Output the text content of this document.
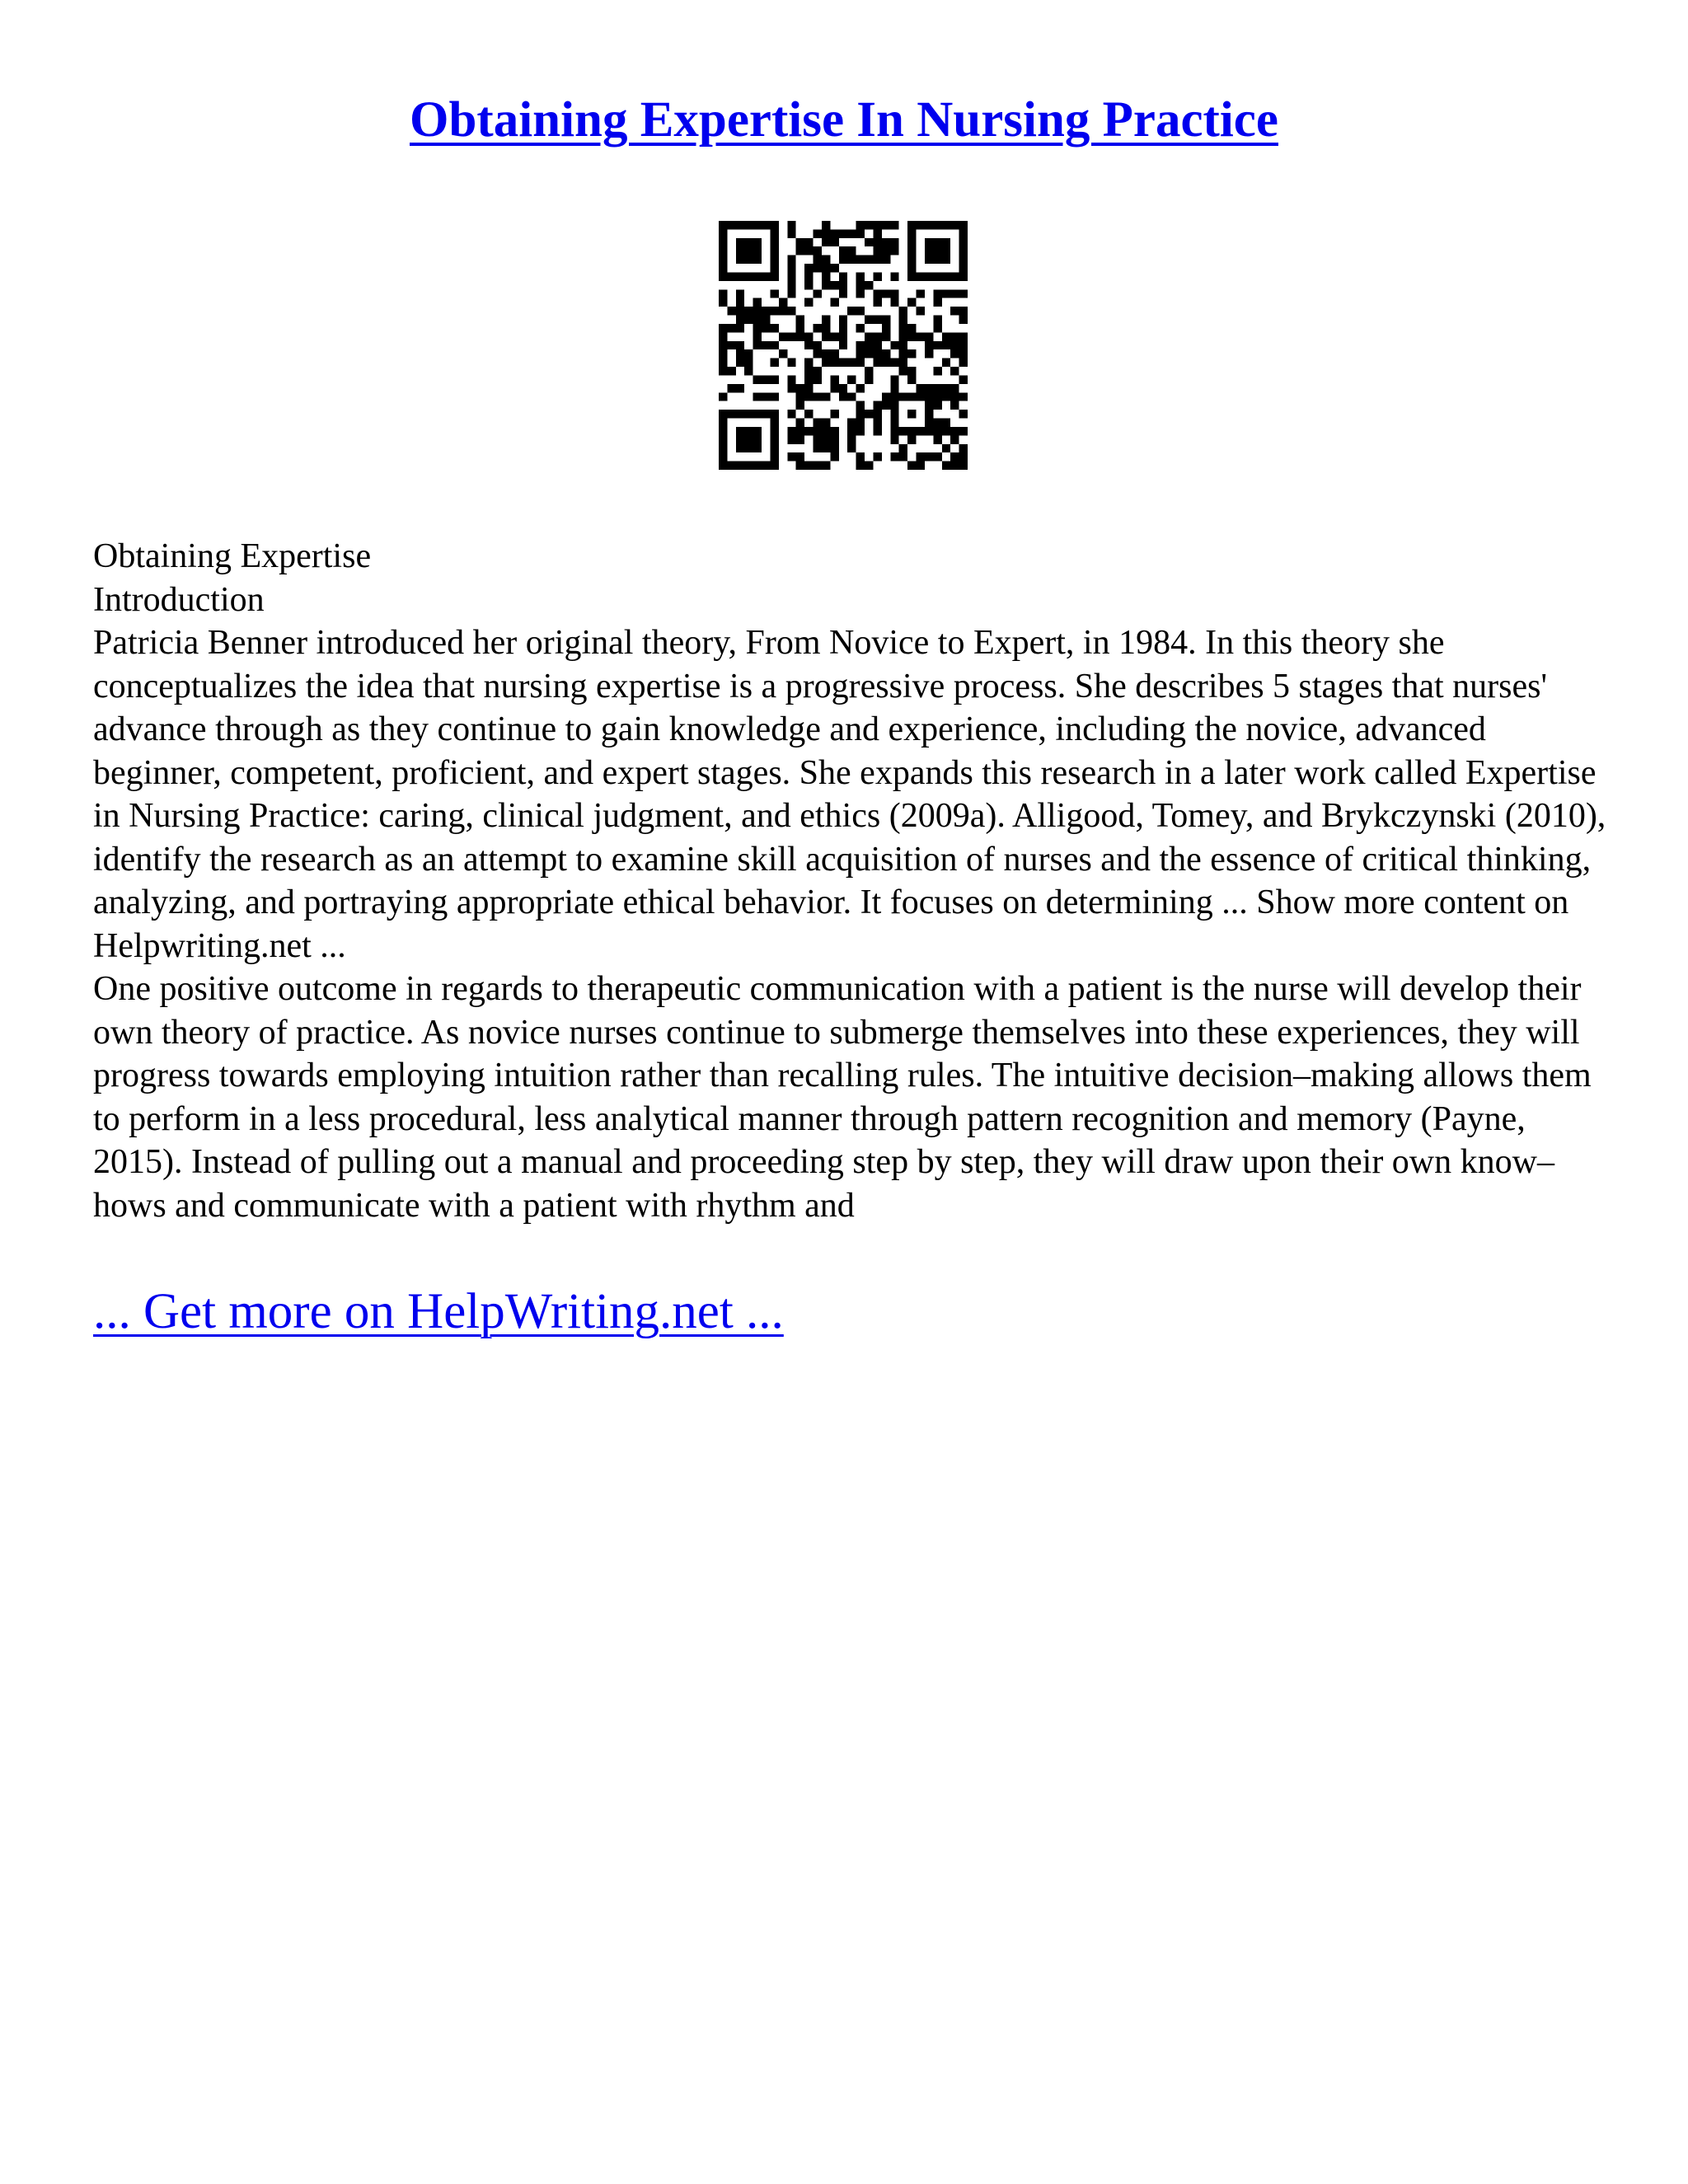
Obtaining Expertise In Nursing Practice

Obtaining Expertise

Introduction

Patricia Benner introduced her original theory, From Novice to Expert, in 1984. In this theory she conceptualizes the idea that nursing expertise is a progressive process. She describes 5 stages that nurses' advance through as they continue to gain knowledge and experience, including the novice, advanced beginner, competent, proficient, and expert stages. She expands this research in a later work called Expertise in Nursing Practice: caring, clinical judgment, and ethics (2009a). Alligood, Tomey, and Brykczynski (2010), identify the research as an attempt to examine skill acquisition of nurses and the essence of critical thinking, analyzing, and portraying appropriate ethical behavior. It focuses on determining ... Show more content on Helpwriting.net ...

One positive outcome in regards to therapeutic communication with a patient is the nurse will develop their own theory of practice. As novice nurses continue to submerge themselves into these experiences, they will progress towards employing intuition rather than recalling rules. The intuitive decision–making allows them to perform in a less procedural, less analytical manner through pattern recognition and memory (Payne, 2015). Instead of pulling out a manual and proceeding step by step, they will draw upon their own know–hows and communicate with a patient with rhythm and

... Get more on HelpWriting.net ...
